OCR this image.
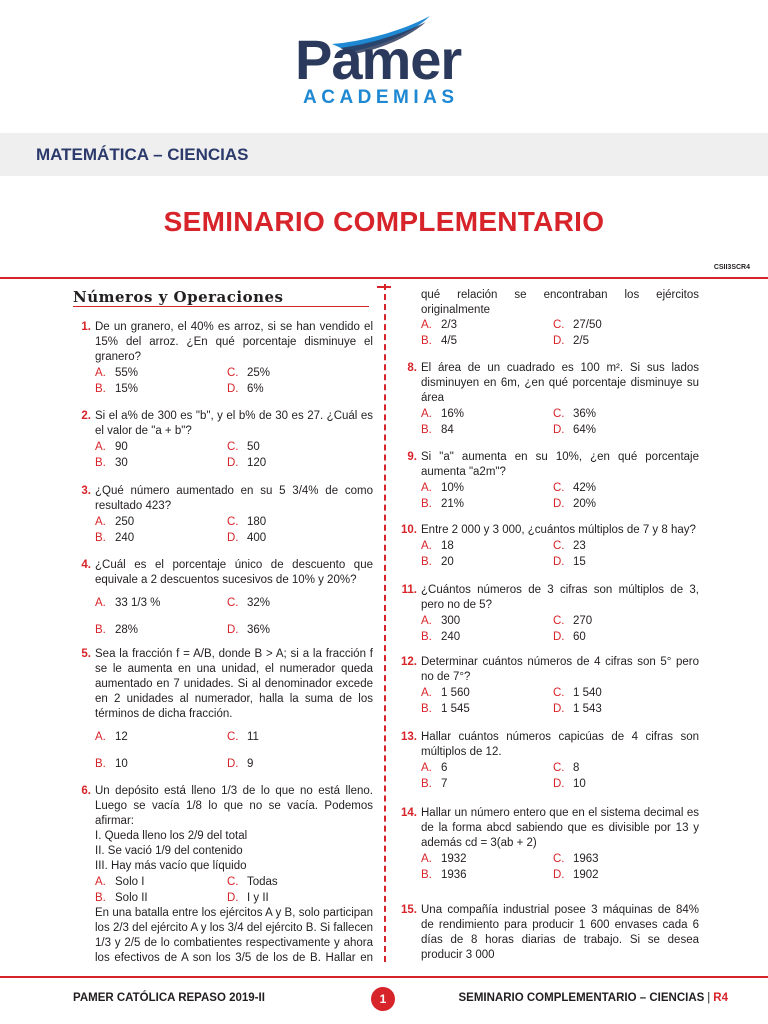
Pamer
ACADEMIAS
MATEMÁTICA – CIENCIAS
SEMINARIO COMPLEMENTARIO
CSII3SCR4
Números y Operaciones
1. De un granero, el 40% es arroz, si se han vendido el 15% del arroz. ¿En qué porcentaje disminuye el granero?
A. 55%	C. 25%
B. 15%	D. 6%
2. Si el a% de 300 es "b", y el b% de 30 es 27. ¿Cuál es el valor de "a + b"?
A. 90	C. 50
B. 30	D. 120
3. ¿Qué número aumentado en su 5 3/4% de como resultado 423?
A. 250	C. 180
B. 240	D. 400
4. ¿Cuál es el porcentaje único de descuento que equivale a 2 descuentos sucesivos de 10% y 20%?
A. 33 1/3 %	C. 32%
B. 28%	D. 36%
5. Sea la fracción f = A/B, donde B > A; si a la fracción f se le aumenta en una unidad, el numerador queda aumentado en 7 unidades. Si al denominador excede en 2 unidades al numerador, halla la suma de los términos de dicha fracción.
A. 12	C. 11
B. 10	D. 9
6. Un depósito está lleno 1/3 de lo que no está lleno. Luego se vacía 1/8 lo que no se vacía. Podemos afirmar:
I. Queda lleno los 2/9 del total
II. Se vació 1/9 del contenido
III. Hay más vacío que líquido
A. Solo I	C. Todas
B. Solo II	D. I y II
En una batalla entre los ejércitos A y B, solo participan los 2/3 del ejército A y los 3/4 del ejército B. Si fallecen 1/3 y 2/5 de lo combatientes respectivamente y ahora los efectivos de A son los 3/5 de los de B. Hallar en
qué relación se encontraban los ejércitos originalmente
A. 2/3	C. 27/50
B. 4/5	D. 2/5
8. El área de un cuadrado es 100 m². Si sus lados disminuyen en 6m, ¿en qué porcentaje disminuye su área
A. 16%	C. 36%
B. 84	D. 64%
9. Si "a" aumenta en su 10%, ¿en qué porcentaje aumenta "a2m"?
A. 10%	C. 42%
B. 21%	D. 20%
10. Entre 2 000 y 3 000, ¿cuántos múltiplos de 7 y 8 hay?
A. 18	C. 23
B. 20	D. 15
11. ¿Cuántos números de 3 cifras son múltiplos de 3, pero no de 5?
A. 300	C. 270
B. 240	D. 60
12. Determinar cuántos números de 4 cifras son 5° pero no de 7°?
A. 1 560	C. 1 540
B. 1 545	D. 1 543
13. Hallar cuántos números capicúas de 4 cifras son múltiplos de 12.
A. 6	C. 8
B. 7	D. 10
14. Hallar un número entero que en el sistema decimal es de la forma abcd sabiendo que es divisible por 13 y además cd = 3(ab + 2)
A. 1932	C. 1963
B. 1936	D. 1902
15. Una compañía industrial posee 3 máquinas de 84% de rendimiento para producir 1 600 envases cada 6 días de 8 horas diarias de trabajo. Si se desea producir 3 000
PAMER CATÓLICA REPASO 2019-II	1	SEMINARIO COMPLEMENTARIO – CIENCIAS | R4
